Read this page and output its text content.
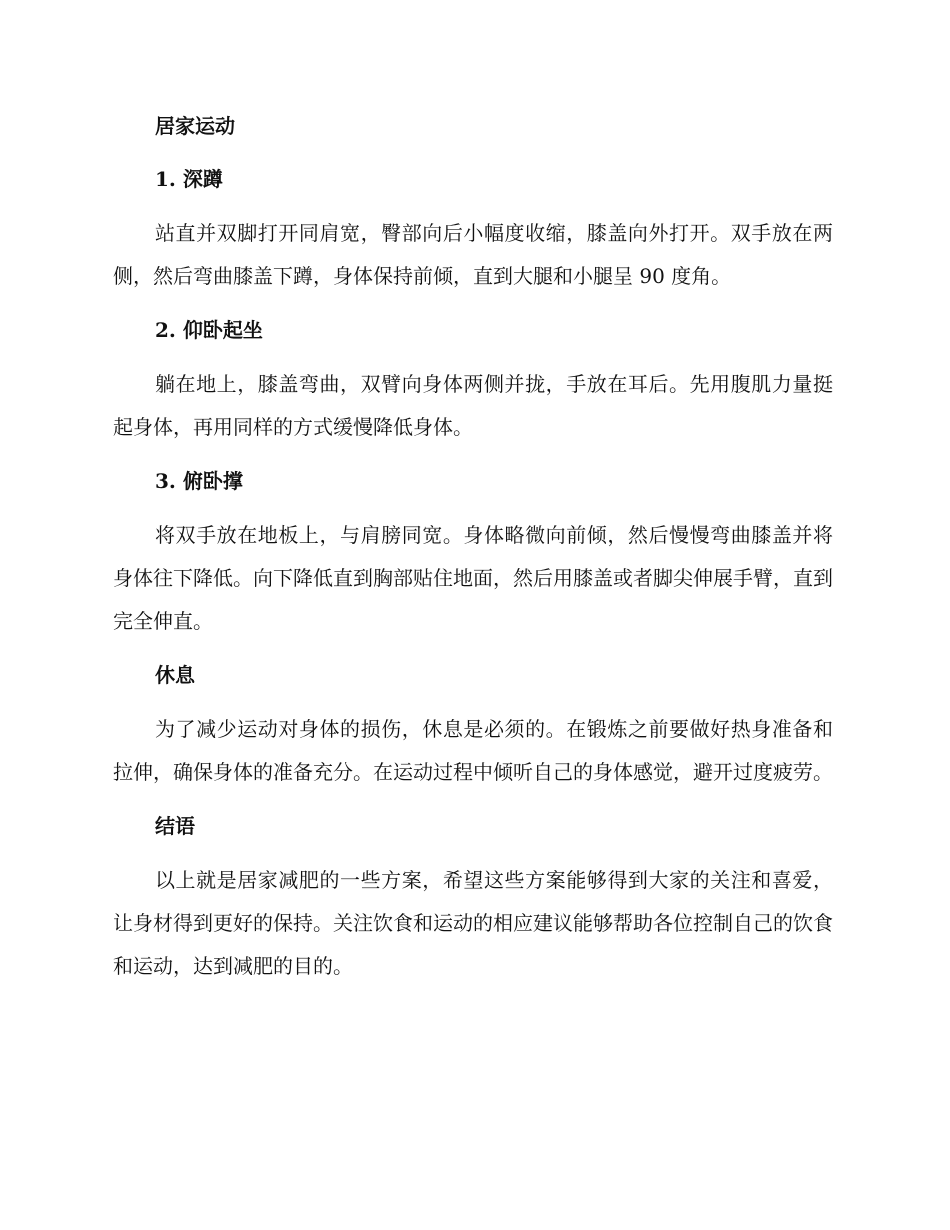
居家运动
1. 深蹲

站直并双脚打开同肩宽，臀部向后小幅度收缩，膝盖向外打开。双手放在两侧，然后弯曲膝盖下蹲，身体保持前倾，直到大腿和小腿呈 90 度角。

2. 仰卧起坐

躺在地上，膝盖弯曲，双臂向身体两侧并拢，手放在耳后。先用腹肌力量挺起身体，再用同样的方式缓慢降低身体。

3. 俯卧撑

将双手放在地板上，与肩膀同宽。身体略微向前倾，然后慢慢弯曲膝盖并将身体往下降低。向下降低直到胸部贴住地面，然后用膝盖或者脚尖伸展手臂，直到完全伸直。

休息

为了减少运动对身体的损伤，休息是必须的。在锻炼之前要做好热身准备和拉伸，确保身体的准备充分。在运动过程中倾听自己的身体感觉，避开过度疲劳。

结语

以上就是居家减肥的一些方案，希望这些方案能够得到大家的关注和喜爱，让身材得到更好的保持。关注饮食和运动的相应建议能够帮助各位控制自己的饮食和运动，达到减肥的目的。
